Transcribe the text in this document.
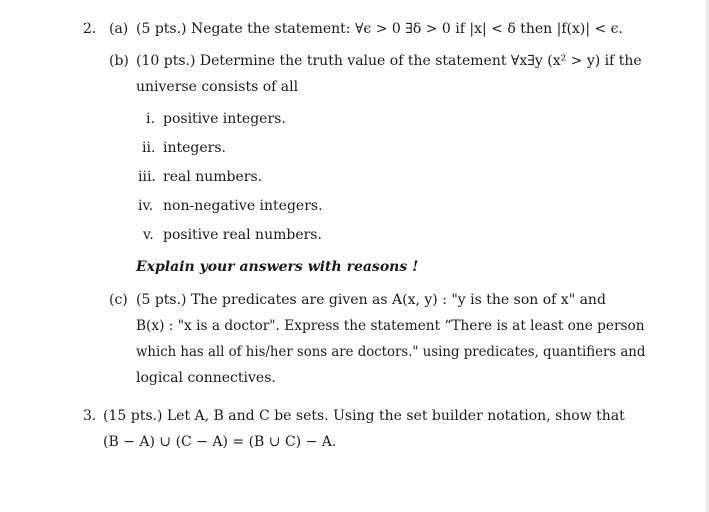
2. (a) (5 pts.) Negate the statement: ∀ϵ > 0 ∃δ > 0 if |x| < δ then |f(x)| < ϵ.
(b) (10 pts.) Determine the truth value of the statement ∀x∃y (x² > y) if the
universe consists of all
i. positive integers.
ii. integers.
iii. real numbers.
iv. non-negative integers.
v. positive real numbers.
Explain your answers with reasons !
(c) (5 pts.) The predicates are given as A(x, y) : "y is the son of x" and
B(x) : "x is a doctor". Express the statement “There is at least one person
which has all of his/her sons are doctors." using predicates, quantifiers and
logical connectives.
3. (15 pts.) Let A, B and C be sets. Using the set builder notation, show that
(B − A) ∪ (C − A) = (B ∪ C) − A.
